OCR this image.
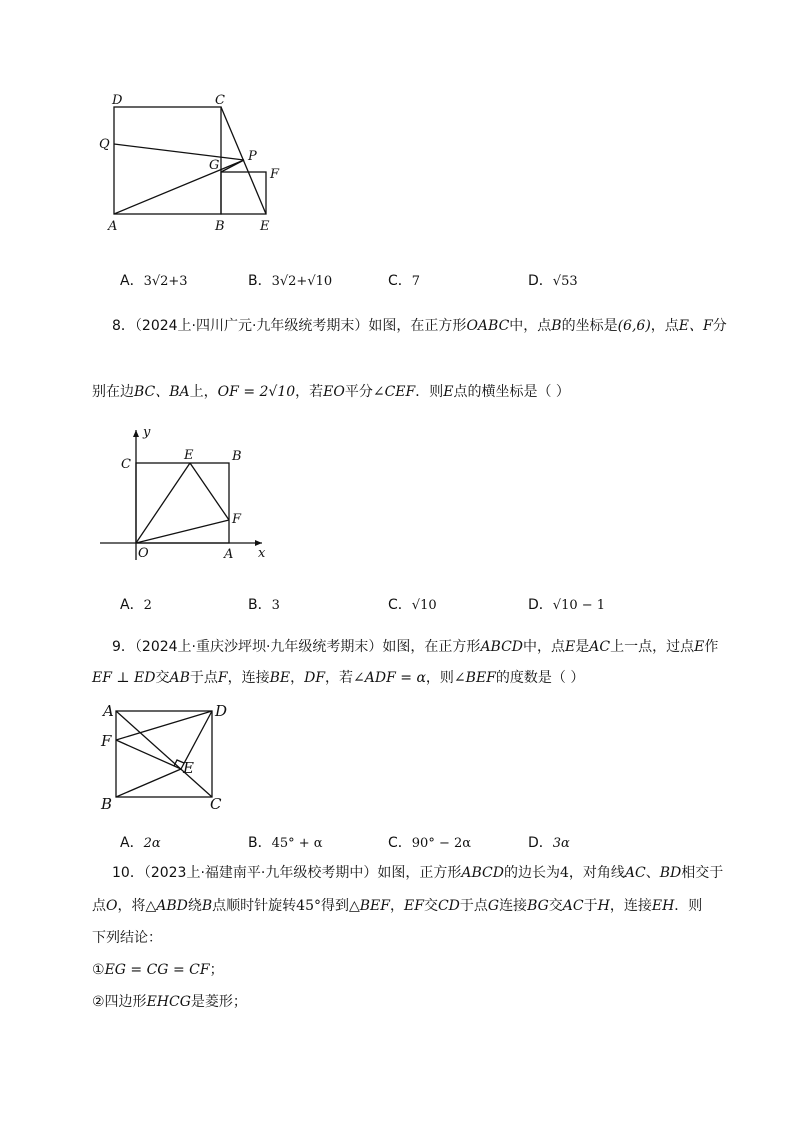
D	C
Q
P
G
F
A	B	E
A．3√2+3	B．3√2+√10	C．7	D．√53
8．（2024上·四川广元·九年级统考期末）如图，在正方形OABC中，点B的坐标是(6,6)，点E、F分
别在边BC、BA上，OF = 2√10，若EO平分∠CEF．则E点的横坐标是（ ）
y
x
C
E	B
F
O	A
A．2	B．3	C．√10	D．√10 − 1
9．（2024上·重庆沙坪坝·九年级统考期末）如图，在正方形ABCD中，点E是AC上一点，过点E作
EF ⊥ ED交AB于点F，连接BE，DF，若∠ADF = α，则∠BEF的度数是（ ）
A	D
F
E
B	C
A．2α	B．45° + α	C．90° − 2α	D．3α
10．（2023上·福建南平·九年级校考期中）如图，正方形ABCD的边长为4，对角线AC、BD相交于
点O，将△ABD绕B点顺时针旋转45°得到△BEF，EF交CD于点G连接BG交AC于H，连接EH．则
下列结论：
①EG = CG = CF；
②四边形EHCG是菱形；
